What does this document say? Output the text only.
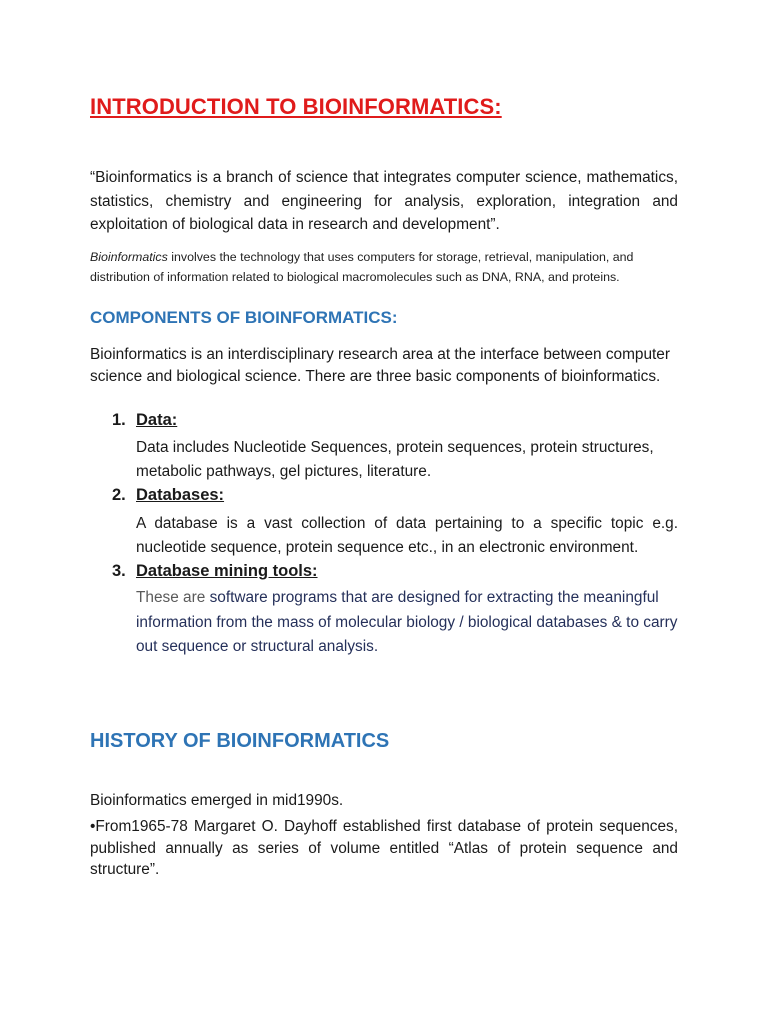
INTRODUCTION TO BIOINFORMATICS:
“Bioinformatics is a branch of science that integrates computer science, mathematics, statistics, chemistry and engineering for analysis, exploration, integration and exploitation of biological data in research and development”.
Bioinformatics involves the technology that uses computers for storage, retrieval, manipulation, and distribution of information related to biological macromolecules such as DNA, RNA, and proteins.
COMPONENTS OF BIOINFORMATICS:
Bioinformatics is an interdisciplinary research area at the interface between computer science and biological science. There are three basic components of bioinformatics.
1. Data:
Data includes Nucleotide Sequences, protein sequences, protein structures, metabolic pathways, gel pictures, literature.
2. Databases:
A database is a vast collection of data pertaining to a specific topic e.g. nucleotide sequence, protein sequence etc., in an electronic environment.
3. Database mining tools:
These are software programs that are designed for extracting the meaningful information from the mass of molecular biology / biological databases & to carry out sequence or structural analysis.
HISTORY OF BIOINFORMATICS
Bioinformatics emerged in mid1990s.
•From1965-78 Margaret O. Dayhoff established first database of protein sequences, published annually as series of volume entitled “Atlas of protein sequence and structure”.
